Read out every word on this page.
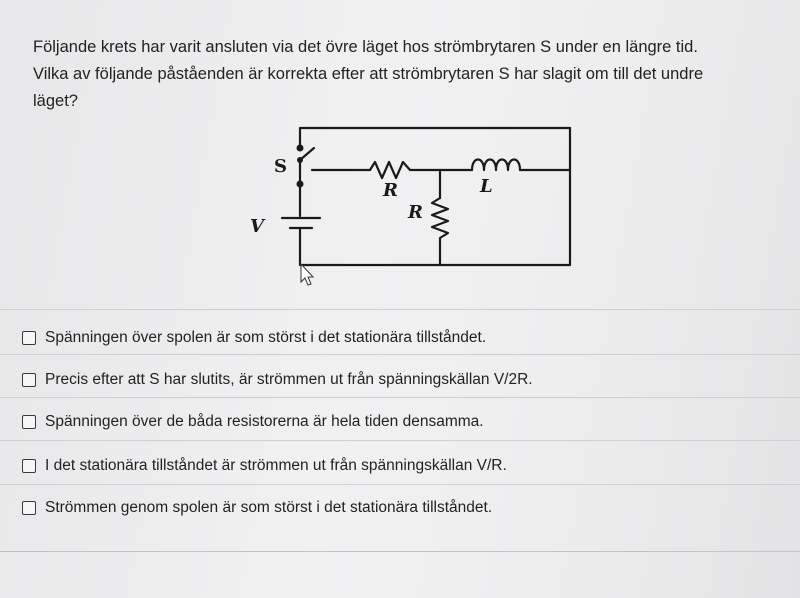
Följande krets har varit ansluten via det övre läget hos strömbrytaren S under en längre tid.
Vilka av följande påståenden är korrekta efter att strömbrytaren S har slagit om till det undre
läget?
S
V
R
R
L
Spänningen över spolen är som störst i det stationära tillståndet.
Precis efter att S har slutits, är strömmen ut från spänningskällan V/2R.
Spänningen över de båda resistorerna är hela tiden densamma.
I det stationära tillståndet är strömmen ut från spänningskällan V/R.
Strömmen genom spolen är som störst i det stationära tillståndet.
